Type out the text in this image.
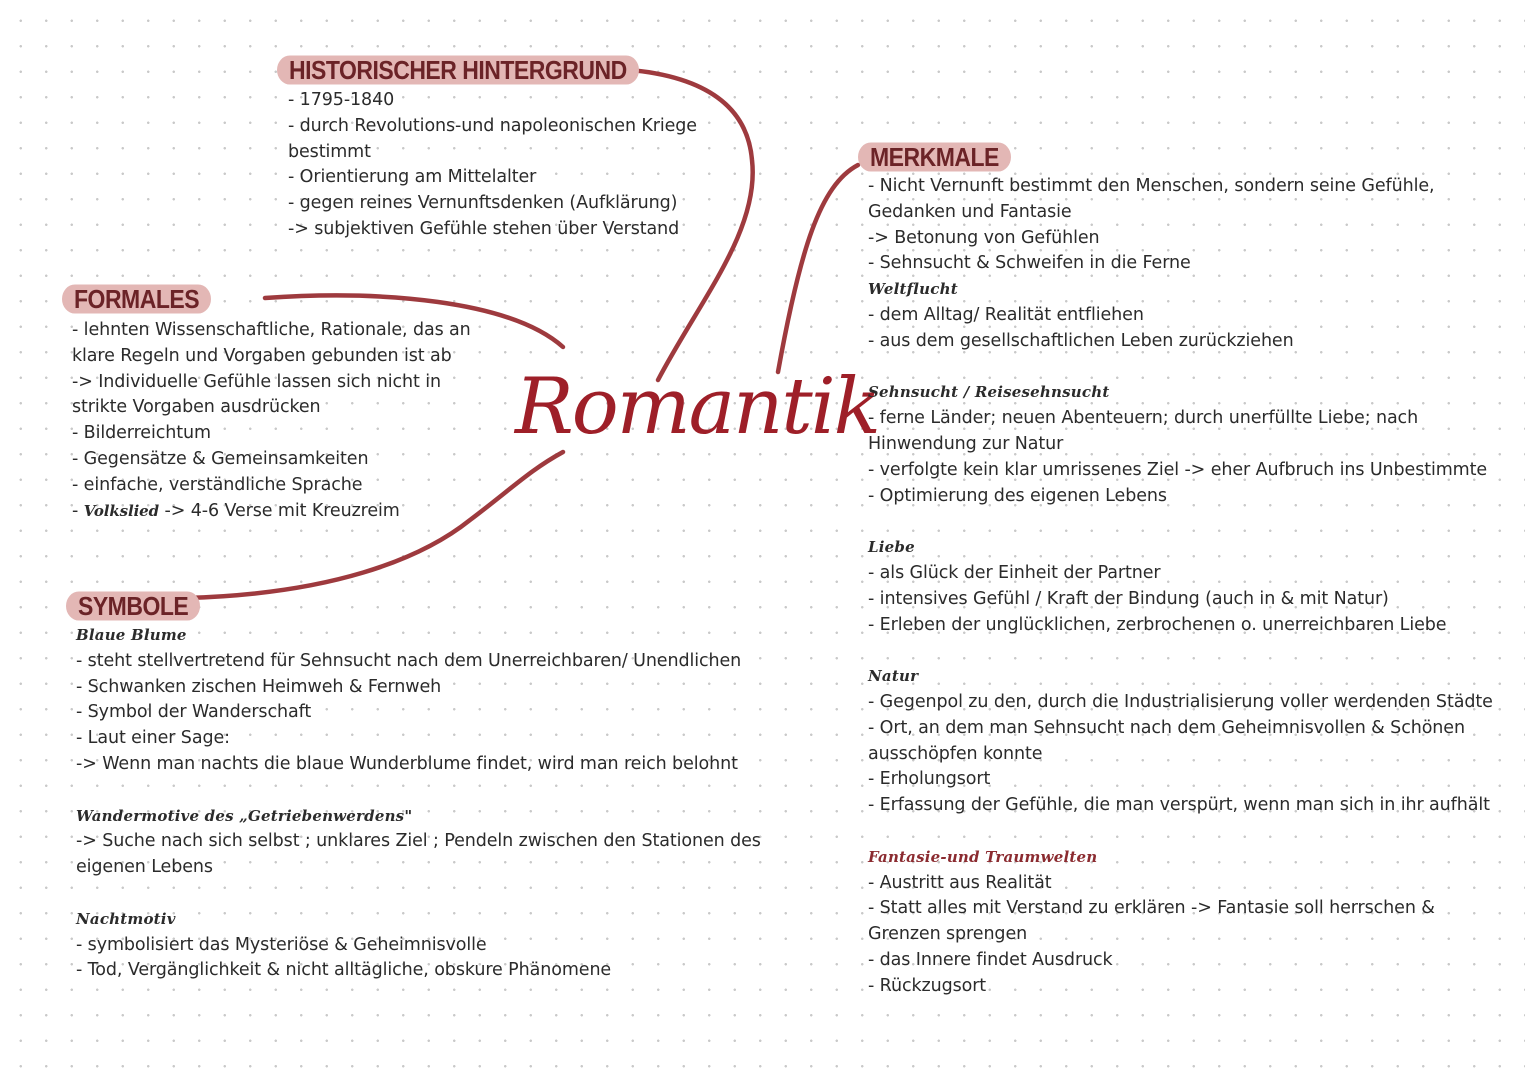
Romantik
HISTORISCHER HINTERGRUND

- 1795-1840

- durch Revolutions-und napoleonischen Kriege

bestimmt

- Orientierung am Mittelalter

- gegen reines Vernunftsdenken (Aufklärung)

-> subjektiven Gefühle stehen über Verstand

FORMALES

- lehnten Wissenschaftliche, Rationale, das an

klare Regeln und Vorgaben gebunden ist ab

-> Individuelle Gefühle lassen sich nicht in

strikte Vorgaben ausdrücken

- Bilderreichtum

- Gegensätze & Gemeinsamkeiten

- einfache, verständliche Sprache

- Volkslied -> 4-6 Verse mit Kreuzreim

SYMBOLE

Blaue Blume

- steht stellvertretend für Sehnsucht nach dem Unerreichbaren/ Unendlichen

- Schwanken zischen Heimweh & Fernweh

- Symbol der Wanderschaft

- Laut einer Sage:

-> Wenn man nachts die blaue Wunderblume findet, wird man reich belohnt

Wandermotive des „Getriebenwerdens"

-> Suche nach sich selbst ; unklares Ziel ; Pendeln zwischen den Stationen des

eigenen Lebens

Nachtmotiv

- symbolisiert das Mysteriöse & Geheimnisvolle

- Tod, Vergänglichkeit & nicht alltägliche, obskure Phänomene

MERKMALE

- Nicht Vernunft bestimmt den Menschen, sondern seine Gefühle,

Gedanken und Fantasie

-> Betonung von Gefühlen

- Sehnsucht & Schweifen in die Ferne

Weltflucht

- dem Alltag/ Realität entfliehen

- aus dem gesellschaftlichen Leben zurückziehen

Sehnsucht / Reisesehnsucht

- ferne Länder; neuen Abenteuern; durch unerfüllte Liebe; nach

Hinwendung zur Natur

- verfolgte kein klar umrissenes Ziel -> eher Aufbruch ins Unbestimmte

- Optimierung des eigenen Lebens

Liebe

- als Glück der Einheit der Partner

- intensives Gefühl / Kraft der Bindung (auch in & mit Natur)

- Erleben der unglücklichen, zerbrochenen o. unerreichbaren Liebe

Natur

- Gegenpol zu den, durch die Industrialisierung voller werdenden Städte

- Ort, an dem man Sehnsucht nach dem Geheimnisvollen & Schönen

ausschöpfen konnte

- Erholungsort

- Erfassung der Gefühle, die man verspürt, wenn man sich in ihr aufhält

Fantasie-und Traumwelten

- Austritt aus Realität

- Statt alles mit Verstand zu erklären -> Fantasie soll herrschen &

Grenzen sprengen

- das Innere findet Ausdruck

- Rückzugsort
